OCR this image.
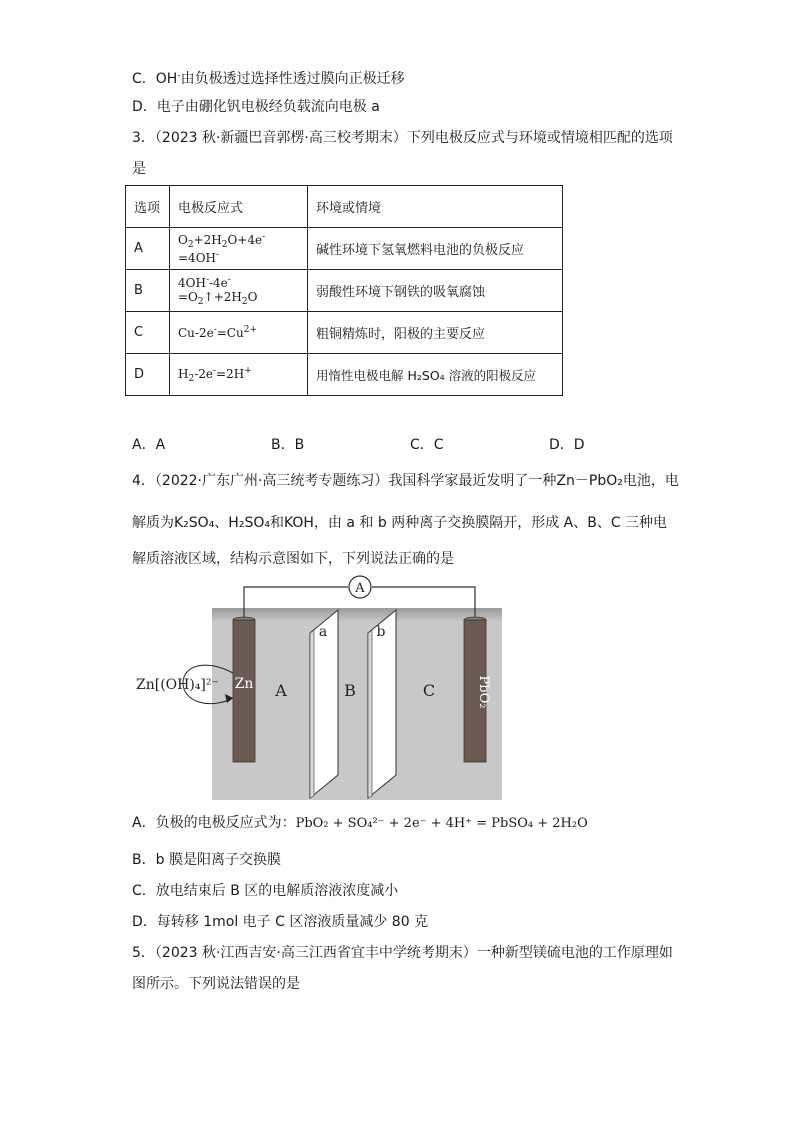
C．OH-由负极透过选择性透过膜向正极迁移
D．电子由硼化钒电极经负载流向电极 a
3．（2023 秋·新疆巴音郭楞·高三校考期末）下列电极反应式与环境或情境相匹配的选项
是
选项	电极反应式	环境或情境
A	$O_2+2H_2O+4e^-=4OH^-$	碱性环境下氢氧燃料电池的负极反应
B	$4OH^--4e^-=O_2↑+2H_2O$	弱酸性环境下钢铁的吸氧腐蚀
C	$Cu-2e^-=Cu^{2+}$	粗铜精炼时，阳极的主要反应
D	$H_2-2e^-=2H^+$	用惰性电极电解 H₂SO₄ 溶液的阳极反应
A．A	B．B	C．C	D．D
4．（2022·广东广州·高三统考专题练习）我国科学家最近发明了一种Zn－PbO₂电池，电
解质为K₂SO₄、H₂SO₄和KOH，由 a 和 b 两种离子交换膜隔开，形成 A、B、C 三种电
解质溶液区域，结构示意图如下，下列说法正确的是
A
Zn	PbO₂
a	b
A	B	C
Zn[(OH)₄]²⁻
A．负极的电极反应式为：PbO₂ + SO₄²⁻ + 2e⁻ + 4H⁺ = PbSO₄ + 2H₂O
B．b 膜是阳离子交换膜
C．放电结束后 B 区的电解质溶液浓度减小
D．每转移 1mol 电子 C 区溶液质量减少 80 克
5．（2023 秋·江西吉安·高三江西省宜丰中学统考期末）一种新型镁硫电池的工作原理如
图所示。下列说法错误的是
